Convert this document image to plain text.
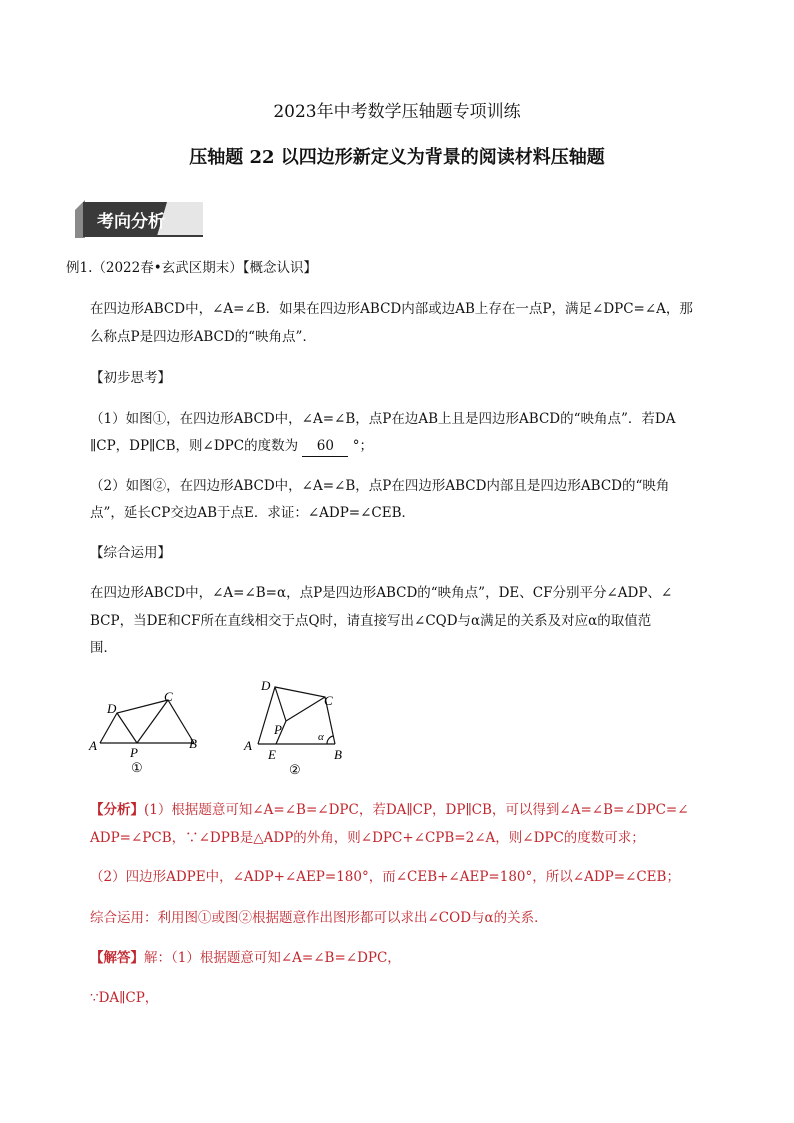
2023年中考数学压轴题专项训练
压轴题 22 以四边形新定义为背景的阅读材料压轴题
考向分析
例1.（2022春•玄武区期末）【概念认识】
在四边形ABCD中，∠A=∠B．如果在四边形ABCD内部或边AB上存在一点P，满足∠DPC=∠A，那
么称点P是四边形ABCD的“映角点”．
【初步思考】
（1）如图①，在四边形ABCD中，∠A=∠B，点P在边AB上且是四边形ABCD的“映角点”．若DA
∥CP，DP∥CB，则∠DPC的度数为 60 °；
（2）如图②，在四边形ABCD中，∠A=∠B，点P在四边形ABCD内部且是四边形ABCD的“映角
点”，延长CP交边AB于点E．求证：∠ADP=∠CEB．
【综合运用】
在四边形ABCD中，∠A=∠B=α，点P是四边形ABCD的“映角点”，DE、CF分别平分∠ADP、∠
BCP，当DE和CF所在直线相交于点Q时，请直接写出∠CQD与α满足的关系及对应α的取值范
围．
D
C
A	P
B
①
D
C
P	α
A
E	B
②
【分析】(1）根据题意可知∠A=∠B=∠DPC，若DA∥CP，DP∥CB，可以得到∠A=∠B=∠DPC=∠
ADP=∠PCB，∵∠DPB是△ADP的外角，则∠DPC+∠CPB=2∠A，则∠DPC的度数可求；
（2）四边形ADPE中，∠ADP+∠AEP=180°，而∠CEB+∠AEP=180°，所以∠ADP=∠CEB；
综合运用：利用图①或图②根据题意作出图形都可以求出∠COD与α的关系．
【解答】解：（1）根据题意可知∠A=∠B=∠DPC，
∵DA∥CP，
